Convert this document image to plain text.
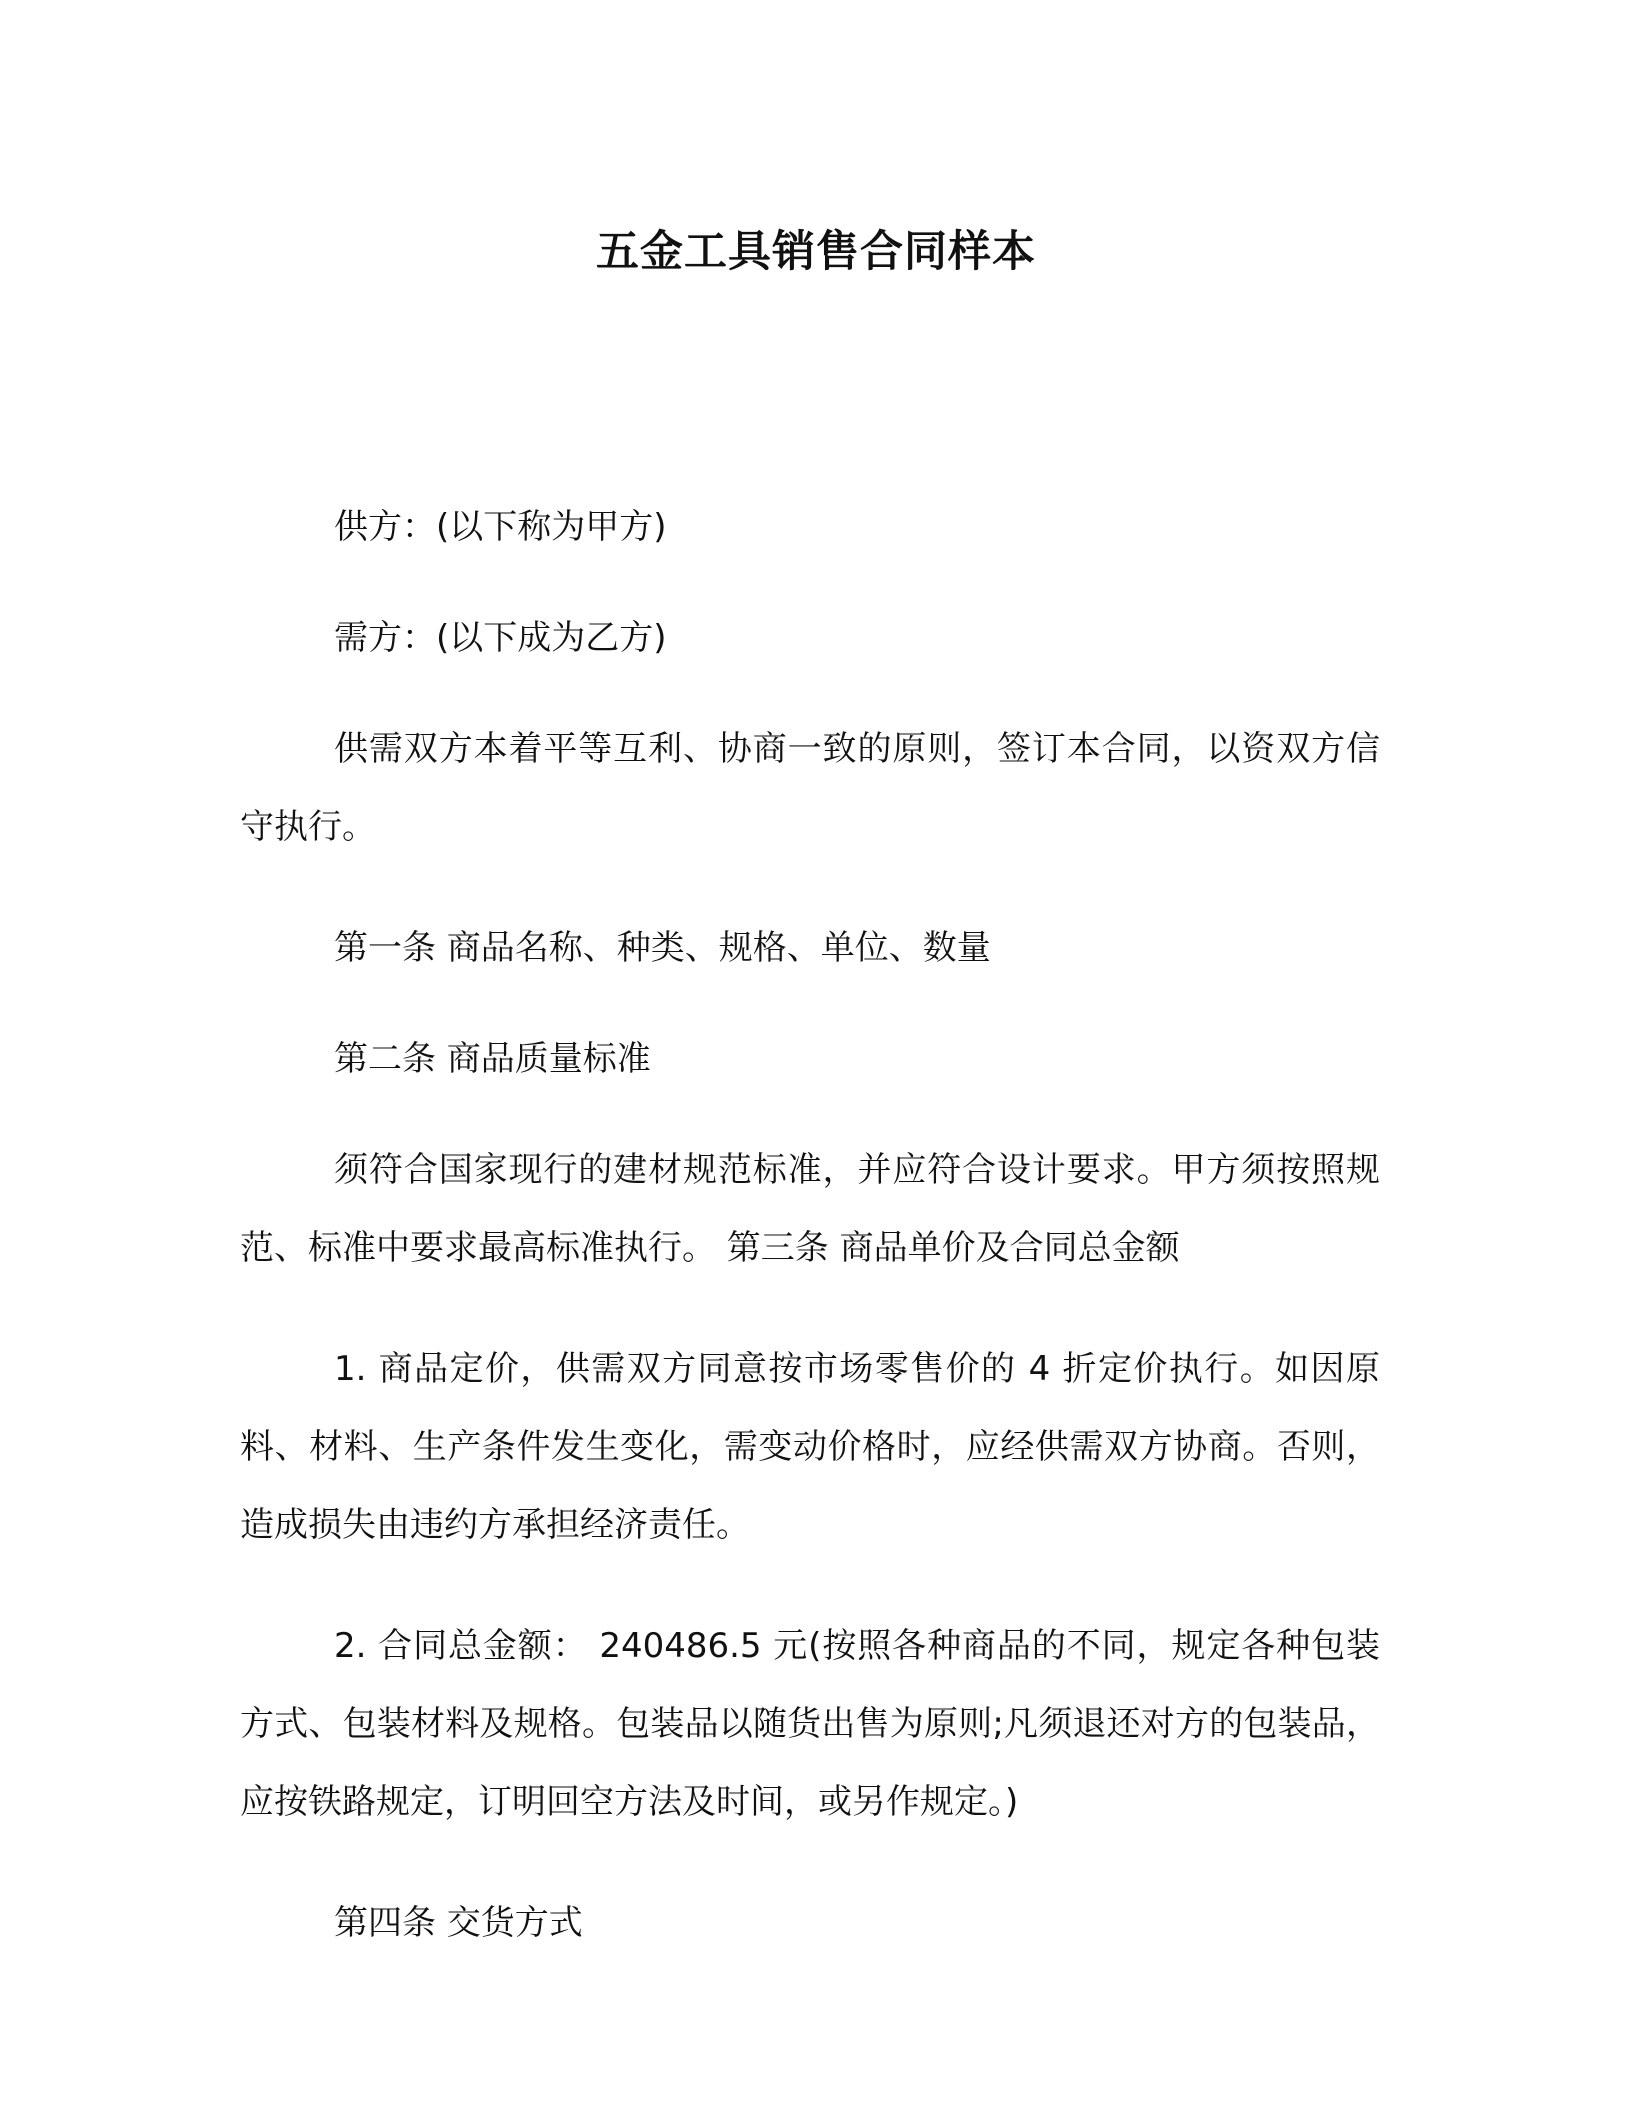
五金工具销售合同样本

供方：(以下称为甲方)

需方：(以下成为乙方)

供需双方本着平等互利、协商一致的原则，签订本合同，以资双方信守执行。

第一条 商品名称、种类、规格、单位、数量

第二条 商品质量标准

须符合国家现行的建材规范标准，并应符合设计要求。甲方须按照规范、标准中要求最高标准执行。 第三条 商品单价及合同总金额

1. 商品定价，供需双方同意按市场零售价的 4 折定价执行。如因原料、材料、生产条件发生变化，需变动价格时，应经供需双方协商。否则，造成损失由违约方承担经济责任。

2. 合同总金额： 240486.5 元(按照各种商品的不同，规定各种包装方式、包装材料及规格。包装品以随货出售为原则;凡须退还对方的包装品，应按铁路规定，订明回空方法及时间，或另作规定。)

第四条 交货方式
